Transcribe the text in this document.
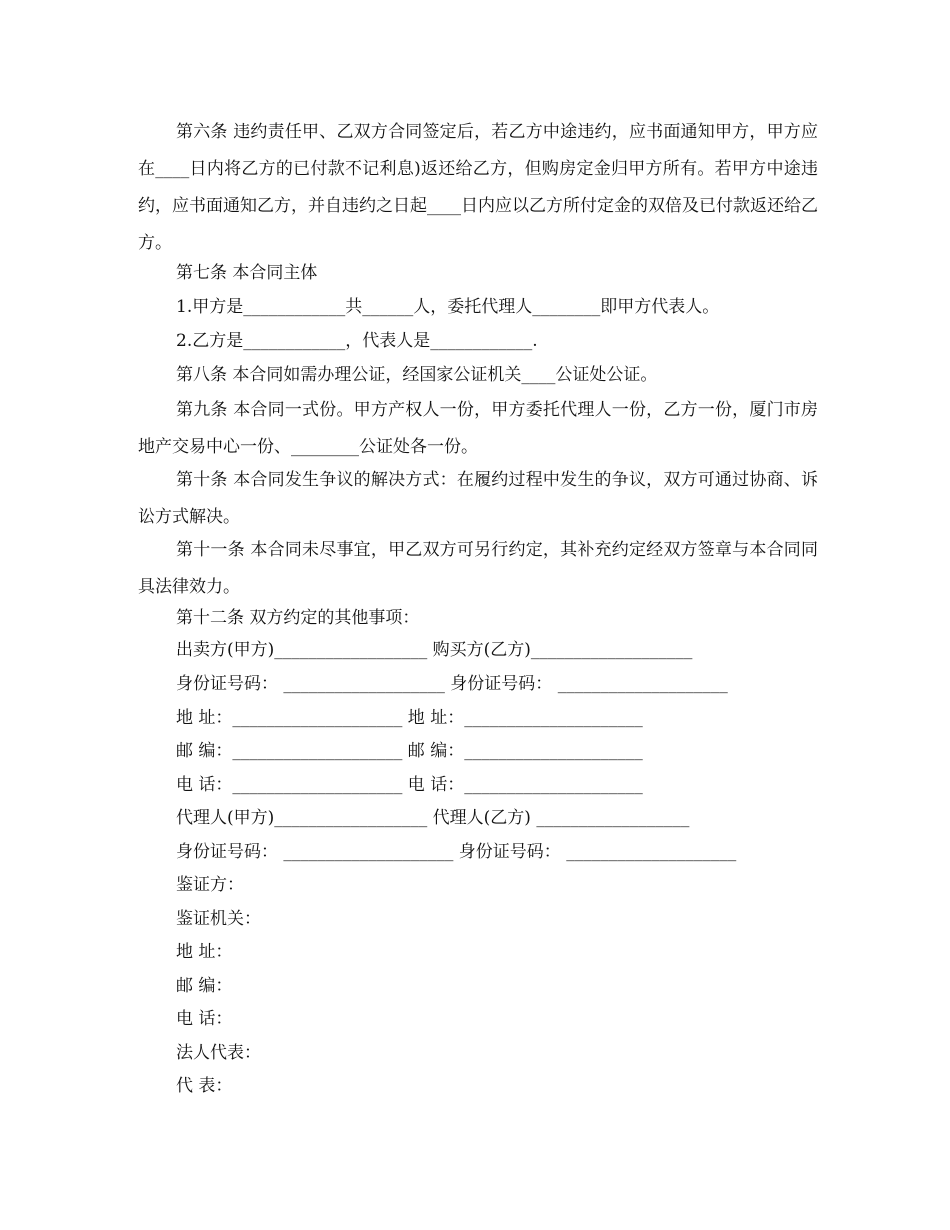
第六条 违约责任甲、乙双方合同签定后，若乙方中途违约，应书面通知甲方，甲方应在____日内将乙方的已付款不记利息)返还给乙方，但购房定金归甲方所有。若甲方中途违约，应书面通知乙方，并自违约之日起____日内应以乙方所付定金的双倍及已付款返还给乙方。

第七条 本合同主体

1.甲方是____________共______人，委托代理人________即甲方代表人。

2.乙方是____________，代表人是____________.

第八条 本合同如需办理公证，经国家公证机关____公证处公证。

第九条 本合同一式份。甲方产权人一份，甲方委托代理人一份，乙方一份，厦门市房地产交易中心一份、________公证处各一份。

第十条 本合同发生争议的解决方式：在履约过程中发生的争议，双方可通过协商、诉讼方式解决。

第十一条 本合同未尽事宜，甲乙双方可另行约定，其补充约定经双方签章与本合同同具法律效力。

第十二条 双方约定的其他事项：

出卖方(甲方)__________________ 购买方(乙方)___________________

身份证号码： ___________________ 身份证号码： ____________________

地 址：____________________ 地 址：_____________________

邮 编：____________________ 邮 编：_____________________

电 话：____________________ 电 话：_____________________

代理人(甲方)__________________ 代理人(乙方) __________________

身份证号码： ____________________ 身份证号码： ____________________

鉴证方：

鉴证机关：

地 址：

邮 编：

电 话：

法人代表：

代 表：
